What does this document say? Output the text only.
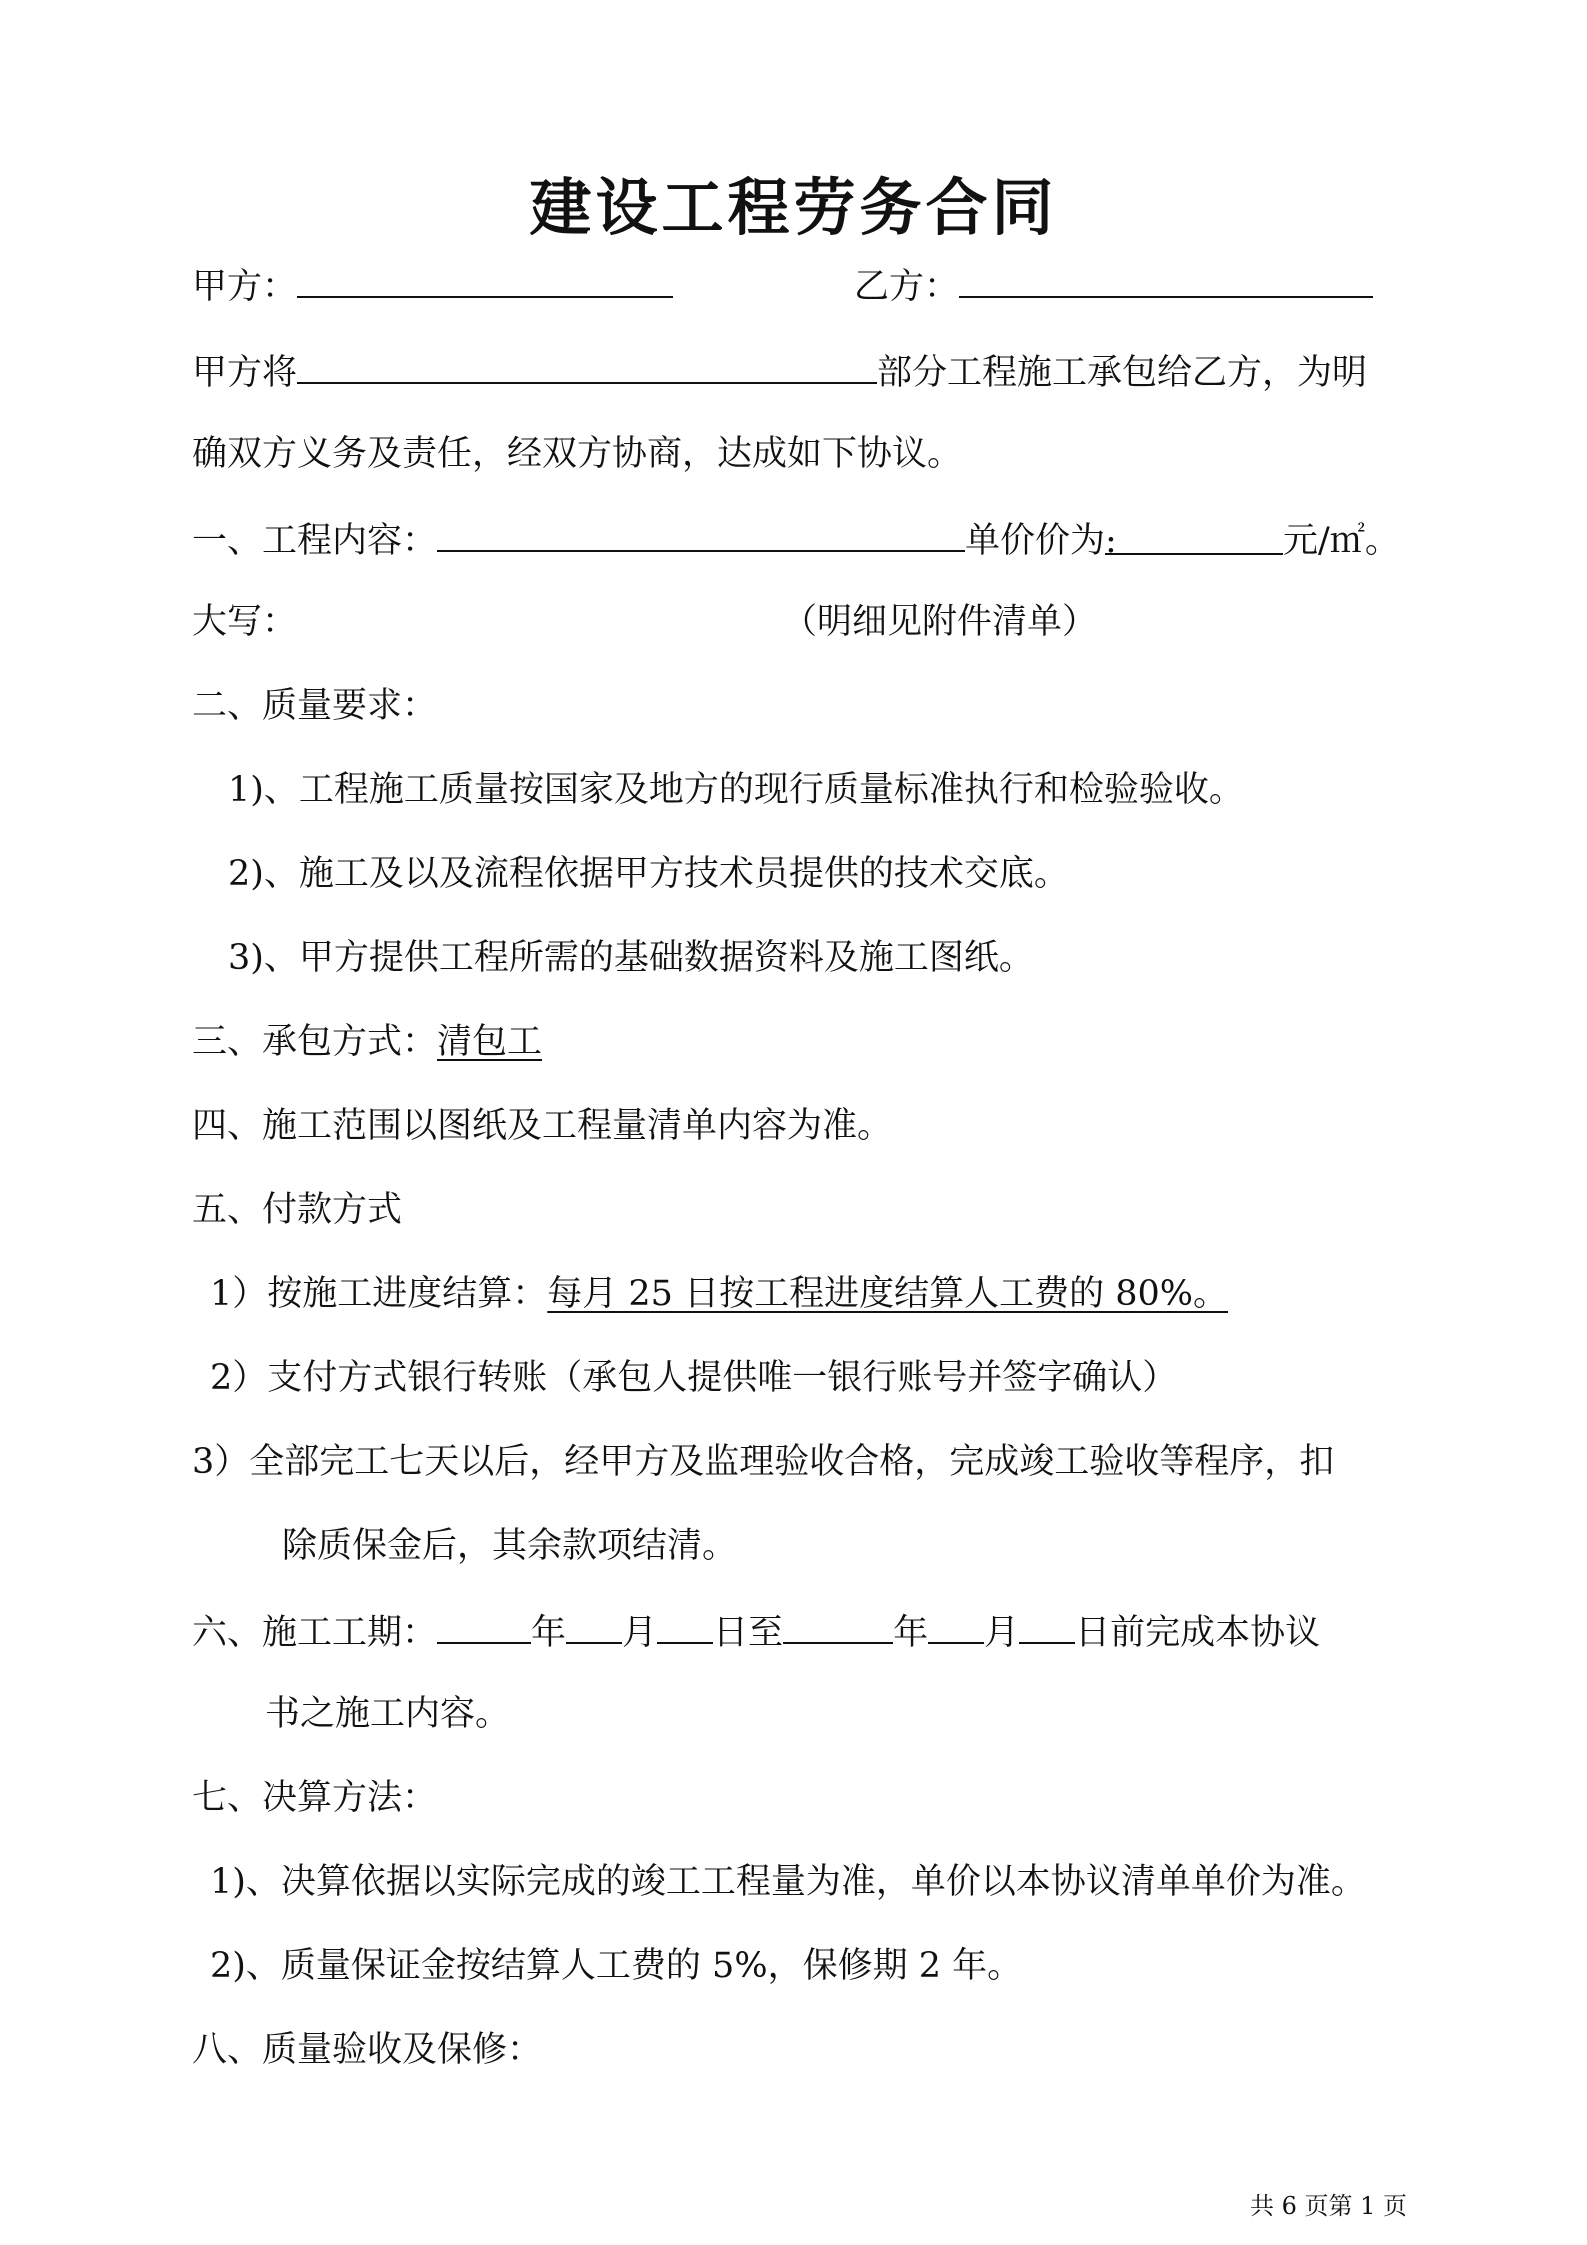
建设工程劳务合同
甲方：	乙方：
甲方将	部分工程施工承包给乙方，为明
确双方义务及责任，经双方协商，达成如下协议。
一、工程内容：	单价价为:	元/㎡。
大写：	（明细见附件清单）
二、质量要求：
1)、工程施工质量按国家及地方的现行质量标准执行和检验验收。
2)、施工及以及流程依据甲方技术员提供的技术交底。
3)、甲方提供工程所需的基础数据资料及施工图纸。
三、承包方式：清包工
四、施工范围以图纸及工程量清单内容为准。
五、付款方式
1）按施工进度结算：每月 25 日按工程进度结算人工费的 80%。
2）支付方式银行转账（承包人提供唯一银行账号并签字确认）
3）全部完工七天以后，经甲方及监理验收合格，完成竣工验收等程序，扣
除质保金后，其余款项结清。
六、施工工期：	年 月 日至	年 月 日前完成本协议
书之施工内容。
七、决算方法：
1)、决算依据以实际完成的竣工工程量为准，单价以本协议清单单价为准。
2)、质量保证金按结算人工费的 5%，保修期 2 年。
八、质量验收及保修：
共 6 页第 1 页
